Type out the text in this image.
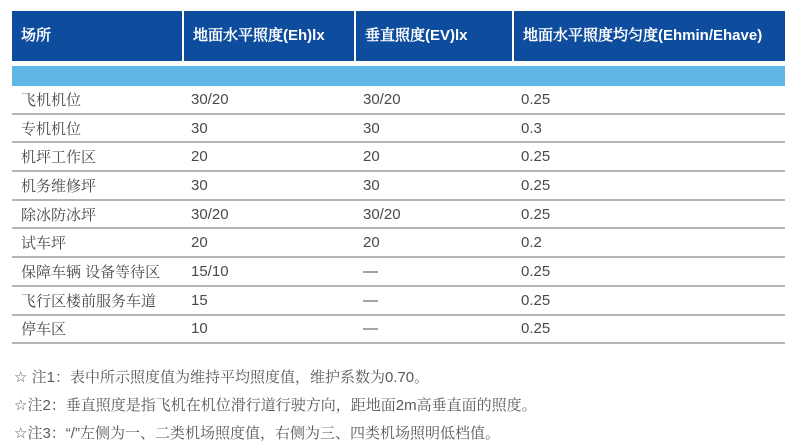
场所	地面水平照度(Eh)lx	垂直照度(EV)lx	地面水平照度均匀度(Ehmin/Ehave)
飞机机位	30/20	30/20	0.25
专机机位	30	30	0.3
机坪工作区	20	20	0.25
机务维修坪	30	30	0.25
除冰防冰坪	30/20	30/20	0.25
试车坪	20	20	0.2
保障车辆 设备等待区	15/10	—	0.25
飞行区楼前服务车道	15	—	0.25
停车区	10	—	0.25

☆ 注1：表中所示照度值为维持平均照度值，维护系数为0.70。

☆注2：垂直照度是指飞机在机位滑行道行驶方向，距地面2m高垂直面的照度。

☆注3：“/”左侧为一、二类机场照度值，右侧为三、四类机场照明低档值。
